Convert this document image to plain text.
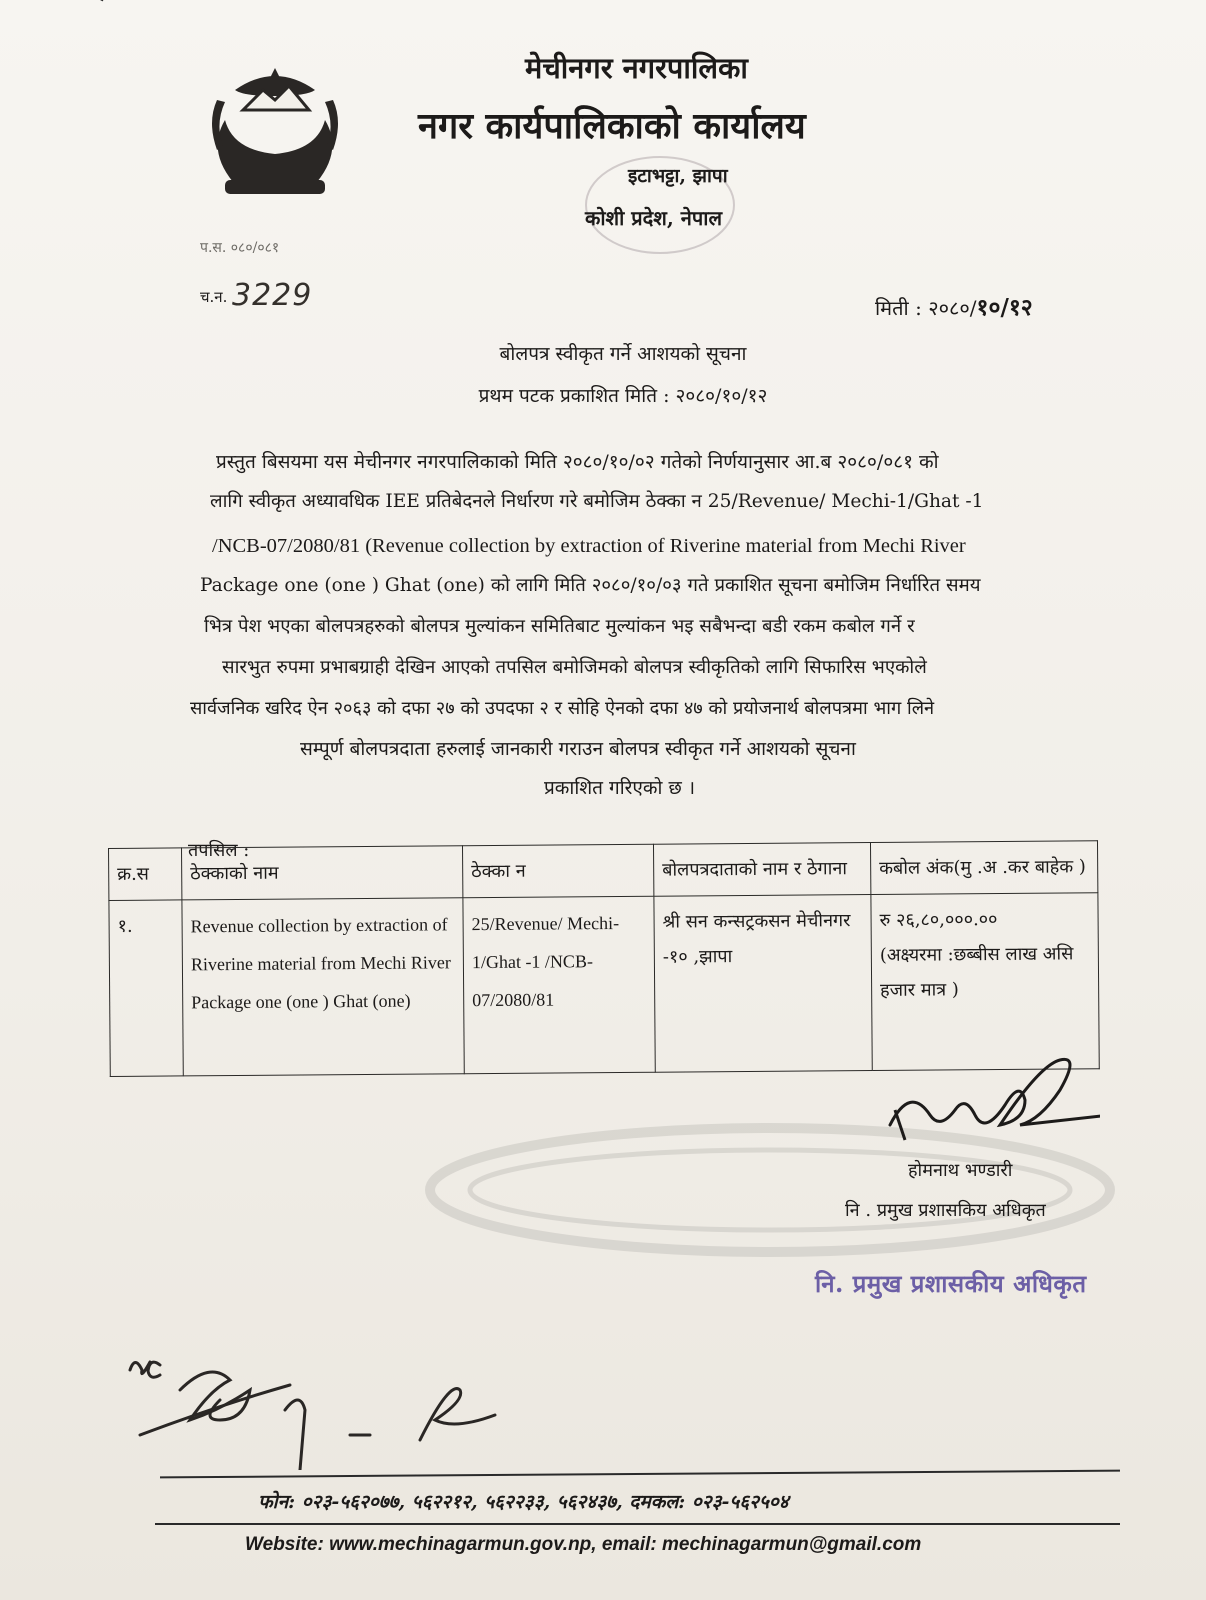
मेचीनगर नगरपालिका
नगर कार्यपालिकाको कार्यालय
इटाभट्टा, झापा
कोशी प्रदेश, नेपाल
प.स. ०८०/०८१
च.न. 3229	मिती : २०८०/१०/१२
बोलपत्र स्वीकृत गर्ने आशयको सूचना
प्रथम पटक प्रकाशित मिति : २०८०/१०/१२
प्रस्तुत बिसयमा यस मेचीनगर नगरपालिकाको मिति २०८०/१०/०२ गतेको निर्णयानुसार आ.ब २०८०/०८१ को
लागि स्वीकृत अध्यावधिक IEE प्रतिबेदनले निर्धारण गरे बमोजिम ठेक्का न 25/Revenue/ Mechi-1/Ghat -1
/NCB-07/2080/81 (Revenue collection by extraction of Riverine material from Mechi River
Package one (one ) Ghat (one) को लागि मिति २०८०/१०/०३ गते प्रकाशित सूचना बमोजिम निर्धारित समय
भित्र पेश भएका बोलपत्रहरुको बोलपत्र मुल्यांकन समितिबाट मुल्यांकन भइ सबैभन्दा बडी रकम कबोल गर्ने र
सारभुत रुपमा प्रभाबग्राही देखिन आएको तपसिल बमोजिमको बोलपत्र स्वीकृतिको लागि सिफारिस भएकोले
सार्वजनिक खरिद ऐन २०६३ को दफा २७ को उपदफा २ र सोहि ऐनको दफा ४७ को प्रयोजनार्थ बोलपत्रमा भाग लिने
सम्पूर्ण बोलपत्रदाता हरुलाई जानकारी गराउन बोलपत्र स्वीकृत गर्ने आशयको सूचना
प्रकाशित गरिएको छ ।
तपसिल :
क्र.स	ठेक्काको नाम	ठेक्का न	बोलपत्रदाताको नाम र ठेगाना	कबोल अंक(मु .अ .कर बाहेक )
१.	Revenue collection by extraction of Riverine material from Mechi River Package one (one ) Ghat (one)	25/Revenue/ Mechi-1/Ghat -1 /NCB-07/2080/81	श्री सन कन्सट्रकसन मेचीनगर -१० ,झापा	रु २६,८०,०००.००
(अक्ष्यरमा :छब्बीस लाख असि हजार मात्र )
होमनाथ भण्डारी
नि . प्रमुख प्रशासकिय अधिकृत
नि. प्रमुख प्रशासकीय अधिकृत
फोन: ०२३-५६२०७७, ५६२२१२, ५६२२३३, ५६२४३७, दमकल: ०२३-५६२५०४
Website: www.mechinagarmun.gov.np, email: mechinagarmun@gmail.com
